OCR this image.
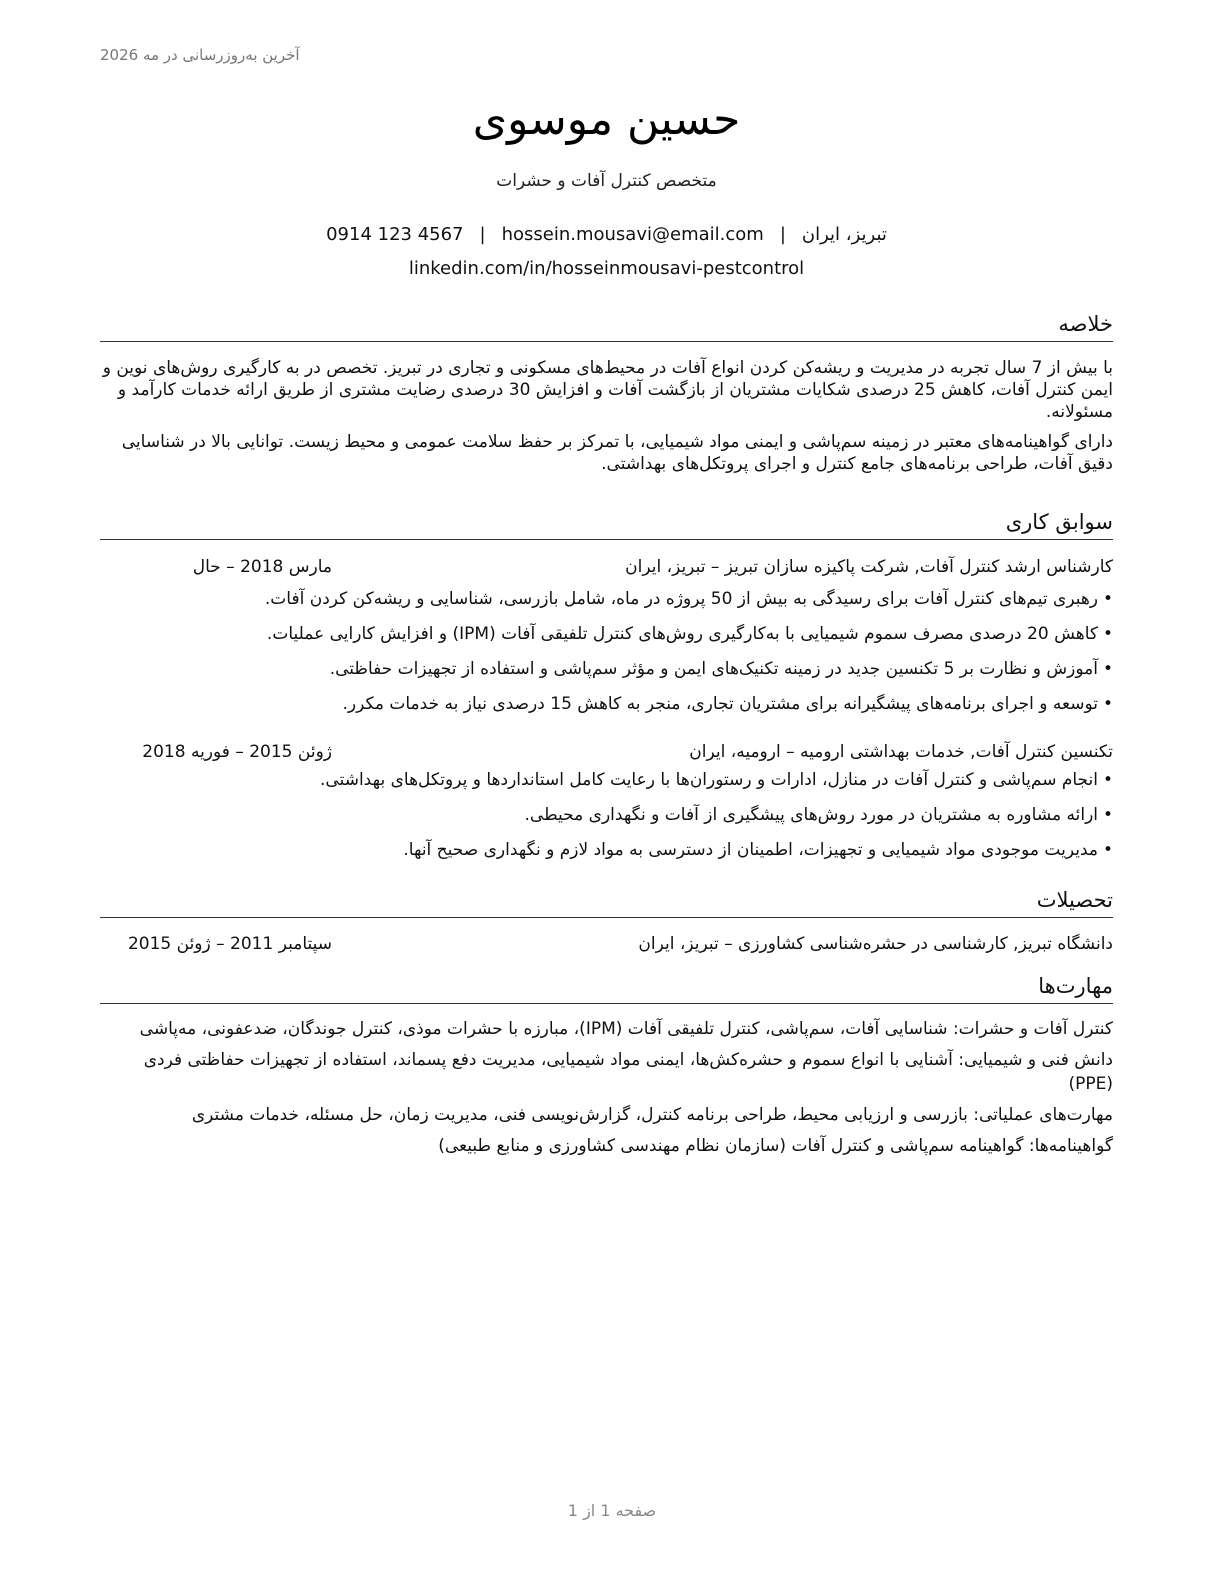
آخرین به‌روزرسانی در مه 2026
حسین موسوی
متخصص کنترل آفات و حشرات
تبریز، ایران|hossein.mousavi@email.com|0914 123 4567
linkedin.com/in/hosseinmousavi-pestcontrol
خلاصه

با بیش از 7 سال تجربه در مدیریت و ریشه‌کن کردن انواع آفات در محیط‌های مسکونی و تجاری در تبریز. تخصص در به کارگیری روش‌های نوین و ایمن کنترل آفات، کاهش 25 درصدی شکایات مشتریان از بازگشت آفات و افزایش 30 درصدی رضایت مشتری از طریق ارائه خدمات کارآمد و مسئولانه.

دارای گواهینامه‌های معتبر در زمینه سم‌پاشی و ایمنی مواد شیمیایی، با تمرکز بر حفظ سلامت عمومی و محیط زیست. توانایی بالا در شناسایی دقیق آفات، طراحی برنامه‌های جامع کنترل و اجرای پروتکل‌های بهداشتی.

سوابق کاری
کارشناس ارشد کنترل آفات, شرکت پاکیزه سازان تبریز – تبریز، ایران
مارس 2018 – حال
• رهبری تیم‌های کنترل آفات برای رسیدگی به بیش از 50 پروژه در ماه، شامل بازرسی، شناسایی و ریشه‌کن کردن آفات.
• کاهش 20 درصدی مصرف سموم شیمیایی با به‌کارگیری روش‌های کنترل تلفیقی آفات (IPM) و افزایش کارایی عملیات.
• آموزش و نظارت بر 5 تکنسین جدید در زمینه تکنیک‌های ایمن و مؤثر سم‌پاشی و استفاده از تجهیزات حفاظتی.
• توسعه و اجرای برنامه‌های پیشگیرانه برای مشتریان تجاری، منجر به کاهش 15 درصدی نیاز به خدمات مکرر.
تکنسین کنترل آفات, خدمات بهداشتی ارومیه – ارومیه، ایران
ژوئن 2015 – فوریه 2018
• انجام سم‌پاشی و کنترل آفات در منازل، ادارات و رستوران‌ها با رعایت کامل استانداردها و پروتکل‌های بهداشتی.
• ارائه مشاوره به مشتریان در مورد روش‌های پیشگیری از آفات و نگهداری محیطی.
• مدیریت موجودی مواد شیمیایی و تجهیزات، اطمینان از دسترسی به مواد لازم و نگهداری صحیح آنها.
تحصیلات
دانشگاه تبریز, کارشناسی در حشره‌شناسی کشاورزی – تبریز، ایران
سپتامبر 2011 – ژوئن 2015
مهارت‌ها

کنترل آفات و حشرات: شناسایی آفات، سم‌پاشی، کنترل تلفیقی آفات (IPM)، مبارزه با حشرات موذی، کنترل جوندگان، ضدعفونی، مه‌پاشی

دانش فنی و شیمیایی: آشنایی با انواع سموم و حشره‌کش‌ها، ایمنی مواد شیمیایی، مدیریت دفع پسماند، استفاده از تجهیزات حفاظتی فردی (PPE)

مهارت‌های عملیاتی: بازرسی و ارزیابی محیط، طراحی برنامه کنترل، گزارش‌نویسی فنی، مدیریت زمان، حل مسئله، خدمات مشتری

گواهینامه‌ها: گواهینامه سم‌پاشی و کنترل آفات (سازمان نظام مهندسی کشاورزی و منابع طبیعی)

صفحه 1 از 1
